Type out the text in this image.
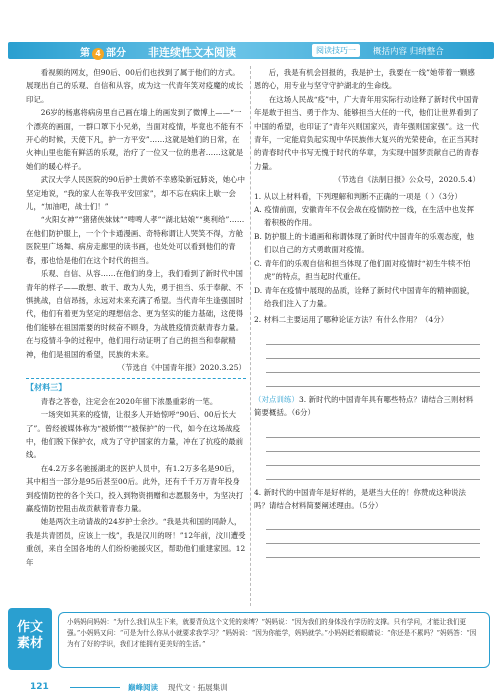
第 4 部分 非连续性文本阅读	阅读技巧一	概括内容 归纳整合

看视频的网友，但90后、00后们也找到了属于他们的方式。展现出自己的乐观、自信和从容，成为这一代青年笑对疫魔的成长印记。

26岁的杨惠将病房里自己画在墙上的画发到了微博上——“一个漂亮的画面，一群口罩下小兄弟，当面对疫情，毕竟也不能有不开心的时候，天使下凡，护一方平安”……这就是她们的日常，在火神山里也能有鲜活的乐观，治疗了一位又一位的患者……这就是她们的暖心样子。

武汉大学人民医院的90后护士黄娇不幸感染新冠肺炎，她心中坚定地说，“我的家人在等我平安回家”，却不忘在病床上歇一会儿，“加油吧，战士们！”

“火阳女神”“猪猪侠妹妹”“啤啤人孝”“湖北姑娘”“奥利给”……在他们防护服上，一个个卡通漫画、奇特称谓让人哭笑不得，方舱医院里广场舞、病房走廊里的读书画，也处处可以看到他们的青春，那也恰是他们在这个时代的担当。

乐观、自信、从容……在他们的身上，我们看到了新时代中国青年的样子——敢想、敢干、敢为人先，勇于担当、乐于奉献、不惧挑战，自信昂扬，永远对未来充满了希望。当代青年生逢强国时代，他们有着更为坚定的理想信念、更为坚实的能力基础，这使得他们能够在祖国需要的时候奋不顾身，为战胜疫情贡献青春力量。在与疫情斗争的过程中，他们用行动证明了自己的担当和奉献精神，他们是祖国的希望，民族的未来。

（节选自《中国青年报》2020.3.25）
【材料三】

青春之答卷，注定会在2020年留下浓墨重彩的一笔。

一场突如其来的疫情，让很多人开始惊呼“90后、00后长大了”。曾经被媒体称为“被娇惯”“被保护”的一代，如今在这场战疫中，他们脱下保护衣，成为了守护国家的力量，冲在了抗疫的最前线。

在4.2万多名驰援湖北的医护人员中，有1.2万多名是90后，其中相当一部分是95后甚至00后。此外，还有千千万万青年投身到疫情防控的各个关口，投入到物资捐赠和志愿服务中，为坚决打赢疫情防控阻击战贡献着青春力量。

她是两次主动请战的24岁护士余沙。“我是共和国的同龄人，我是共青团员，应该上一线”，我是汉川的呀！”12年前，汶川遭受重创，来自全国各地的人们纷纷驰援灾区，帮助他们重建家园。12年

后，我是有机会回报的，我是护士，我要在一线”她带着一颗感恩的心，用专业与坚守守护湖北的生命线。

在这场人民战“疫”中，广大青年用实际行动诠释了新时代中国青年是敢于担当、勇于作为、能够担当大任的一代，他们让世界看到了中国的希望，也印证了“青年兴则国家兴，青年强则国家强”。这一代青年，一定能肩负起实现中华民族伟大复兴的光荣使命，在正当其时的青春时代中书写无愧于时代的华章，为实现中国梦贡献自己的青春力量。

（节选自《法制日报》公众号，2020.5.4）
1. 从以上材料看，下列理解和判断不正确的一项是（ ）（3分）
A. 疫情前面，安徽青年不仅会战在疫情防控一线，在生活中也发挥着积极的作用。
B. 防护服上的卡通画和称谓体现了新时代中国青年的乐观态度，他们以自己的方式勇敢面对疫情。
C. 青年们的乐观自信和担当体现了他们面对疫情时“初生牛犊不怕虎”的特点，担当起时代重任。
D. 青年在疫情中展现的品质，诠释了新时代中国青年的精神面貌，给我们注入了力量。
2. 材料二主要运用了哪种论证方法？有什么作用？（4分）
（对点训练）3. 新时代的中国青年具有哪些特点？请结合三则材料简要概括。（6分）
4. 新时代的中国青年是好样的，是堪当大任的！你赞成这种说法吗？请结合材料简要阐述理由。（5分）
作文
素材
小妈妈问妈妈：“为什么我们从生下来，就要背负这个文凭的束缚？”妈妈说：“因为我们的身体没有学历的支撑。只有学问，才能让我们更强。”小妈妈又问：“可是为什么你从小就要求我学习？”妈妈说：“因为你能学，妈妈就学。”小妈妈眨着眼睛说：“你还是不累吗？”妈妈答：“因为有了好的学识，我们才能拥有更美好的生活。”
121	巅峰阅读 现代文 · 拓展集训
